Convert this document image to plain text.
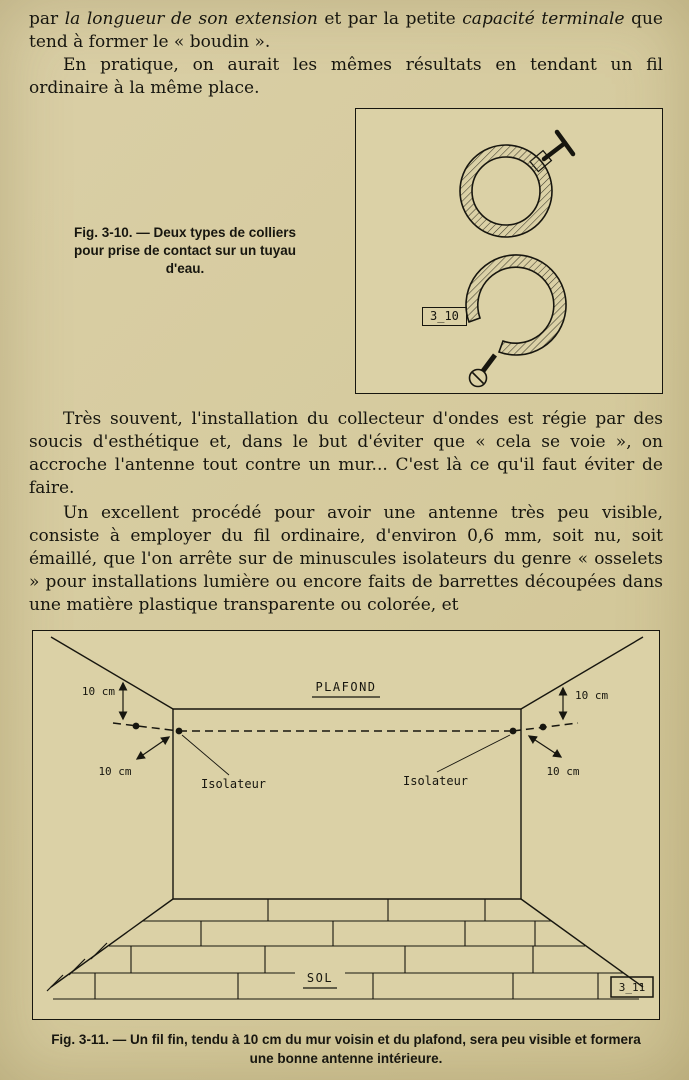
par la longueur de son extension et par la petite capacité terminale que tend à former le « boudin ».

En pratique, on aurait les mêmes résultats en tendant un fil ordinaire à la même place.

Fig. 3-10. — Deux types de colliers
pour prise de contact sur un tuyau
d'eau.
3_10

Très souvent, l'installation du collecteur d'ondes est régie par des soucis d'esthétique et, dans le but d'éviter que « cela se voie », on accroche l'antenne tout contre un mur... C'est là ce qu'il faut éviter de faire.

Un excellent procédé pour avoir une antenne très peu visible, consiste à employer du fil ordinaire, d'environ 0,6 mm, soit nu, soit émaillé, que l'on arrête sur de minuscules isolateurs du genre « osselets » pour installations lumière ou encore faits de barrettes découpées dans une matière plastique transparente ou colorée, et

10 cm	10 cm
10 cm	10 cm
PLAFOND
Isolateur	Isolateur
SOL
3_11
Fig. 3-11. — Un fil fin, tendu à 10 cm du mur voisin et du plafond, sera peu visible et formera une bonne antenne intérieure.
